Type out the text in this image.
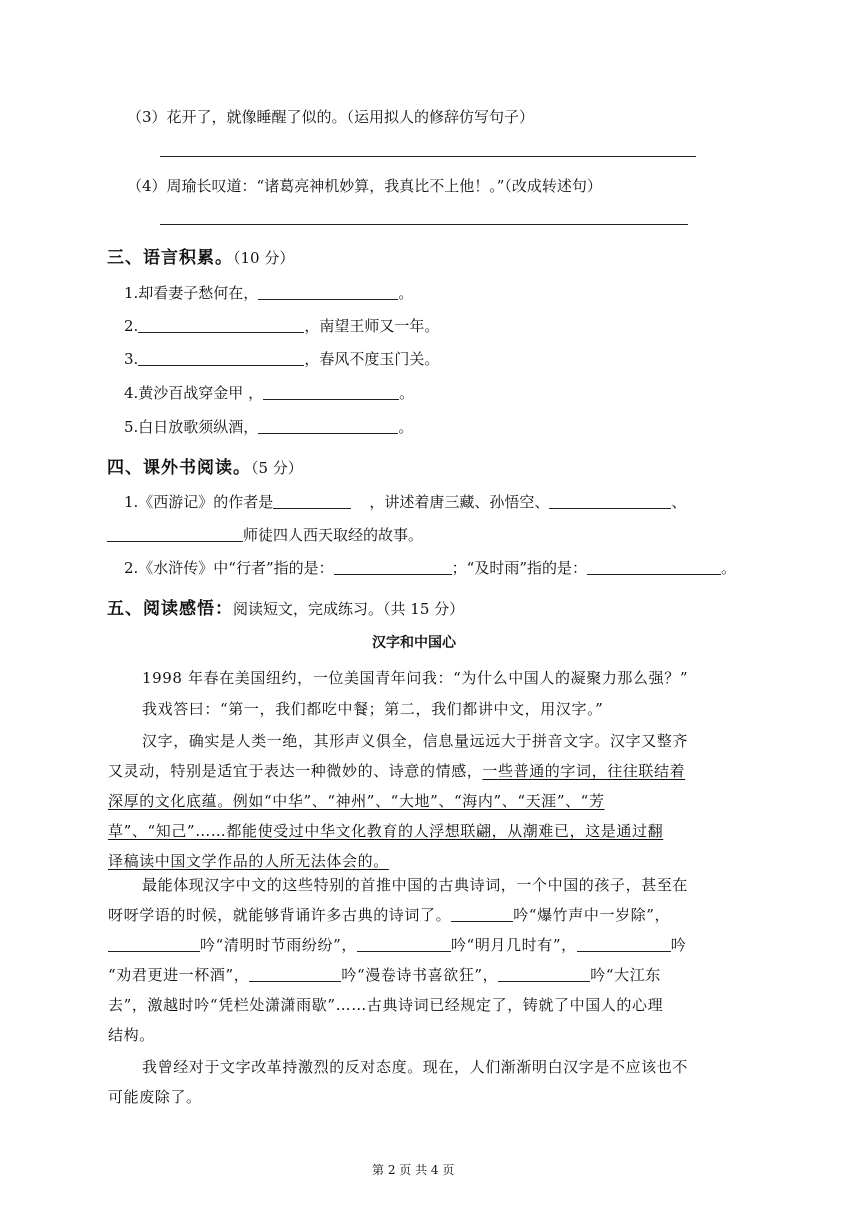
（3）花开了，就像睡醒了似的。（运用拟人的修辞仿写句子）
（4）周瑜长叹道：“诸葛亮神机妙算，我真比不上他！。”（改成转述句）
三、语言积累。（10 分）
1.却看妻子愁何在，	。
2.	，南望王师又一年。
3.	，春风不度玉门关。
4.黄沙百战穿金甲 ，	。
5.白日放歌须纵酒，	。
四、课外书阅读。（5 分）
1.《西游记》的作者是	，讲述着唐三藏、孙悟空、	、
师徒四人西天取经的故事。
2.《水浒传》中“行者”指的是：	；“及时雨”指的是：	。
五、阅读感悟：阅读短文，完成练习。（共 15 分）
汉字和中国心
1998 年春在美国纽约，一位美国青年问我：“为什么中国人的凝聚力那么强？”
我戏答曰：“第一，我们都吃中餐；第二，我们都讲中文，用汉字。”
汉字，确实是人类一绝，其形声义俱全，信息量远远大于拼音文字。汉字又整齐
又灵动，特别是适宜于表达一种微妙的、诗意的情感，一些普通的字词，往往联结着
深厚的文化底蕴。例如“中华”、“神州”、“大地”、“海内”、“天涯”、“芳
草”、“知己”……都能使受过中华文化教育的人浮想联翩，从潮难已，这是通过翻
译稿读中国文学作品的人所无法体会的。
最能体现汉字中文的这些特别的首推中国的古典诗词，一个中国的孩子，甚至在
呀呀学语的时候，就能够背诵许多古典的诗词了。	吟“爆竹声中一岁除”，
吟“清明时节雨纷纷”，	吟“明月几时有”，	吟
“劝君更进一杯酒”，	吟“漫卷诗书喜欲狂”，	吟“大江东
去”，激越时吟“凭栏处潇潇雨歇”……古典诗词已经规定了，铸就了中国人的心理
结构。
我曾经对于文字改革持激烈的反对态度。现在，人们渐渐明白汉字是不应该也不
可能废除了。
第 2 页 共 4 页
